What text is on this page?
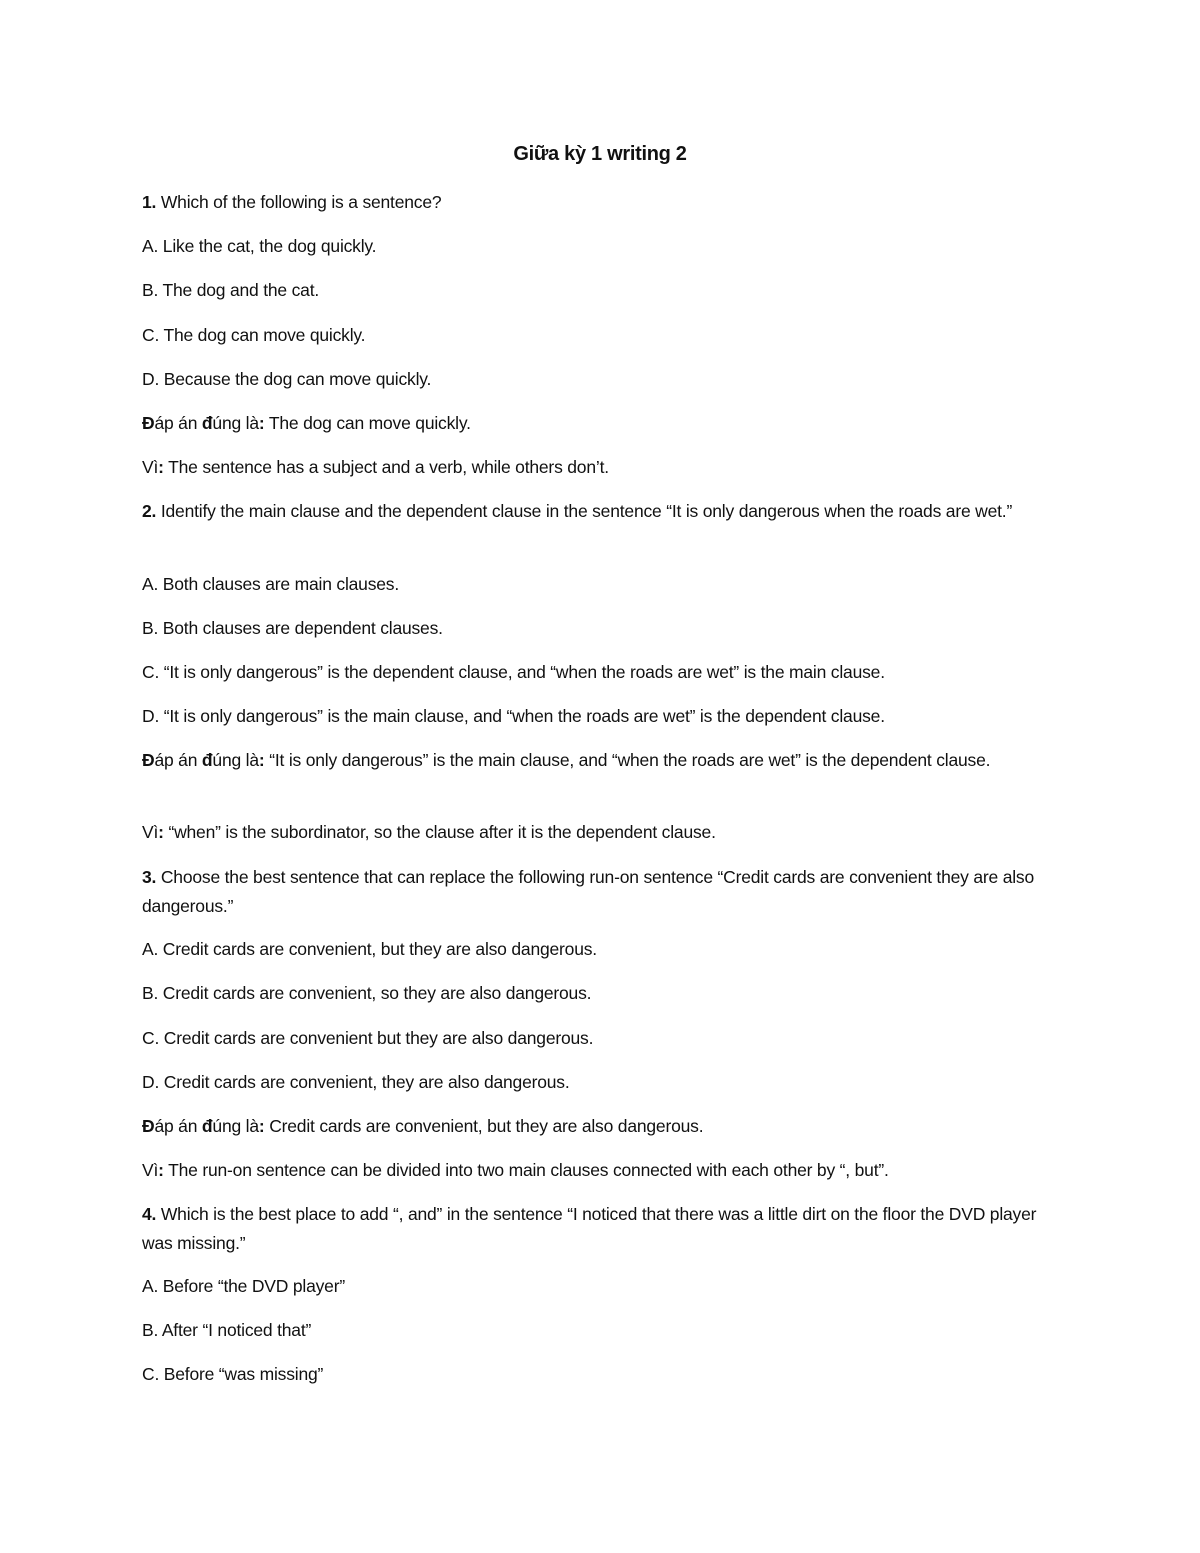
Giữa kỳ 1 writing 2
1. Which of the following is a sentence?
A. Like the cat, the dog quickly.
B. The dog and the cat.
C. The dog can move quickly.
D. Because the dog can move quickly.
Đáp án đúng là: The dog can move quickly.
Vì: The sentence has a subject and a verb, while others don’t.
2. Identify the main clause and the dependent clause in the sentence “It is only dangerous when the roads are wet.”
A. Both clauses are main clauses.
B. Both clauses are dependent clauses.
C. “It is only dangerous” is the dependent clause, and “when the roads are wet” is the main clause.
D. “It is only dangerous” is the main clause, and “when the roads are wet” is the dependent clause.
Đáp án đúng là: “It is only dangerous” is the main clause, and “when the roads are wet” is the dependent clause.
Vì: “when” is the subordinator, so the clause after it is the dependent clause.
3. Choose the best sentence that can replace the following run-on sentence “Credit cards are convenient they are also dangerous.”
A. Credit cards are convenient, but they are also dangerous.
B. Credit cards are convenient, so they are also dangerous.
C. Credit cards are convenient but they are also dangerous.
D. Credit cards are convenient, they are also dangerous.
Đáp án đúng là: Credit cards are convenient, but they are also dangerous.
Vì: The run-on sentence can be divided into two main clauses connected with each other by “, but”.
4. Which is the best place to add “, and” in the sentence “I noticed that there was a little dirt on the floor the DVD player was missing.”
A. Before “the DVD player”
B. After “I noticed that”
C. Before “was missing”
